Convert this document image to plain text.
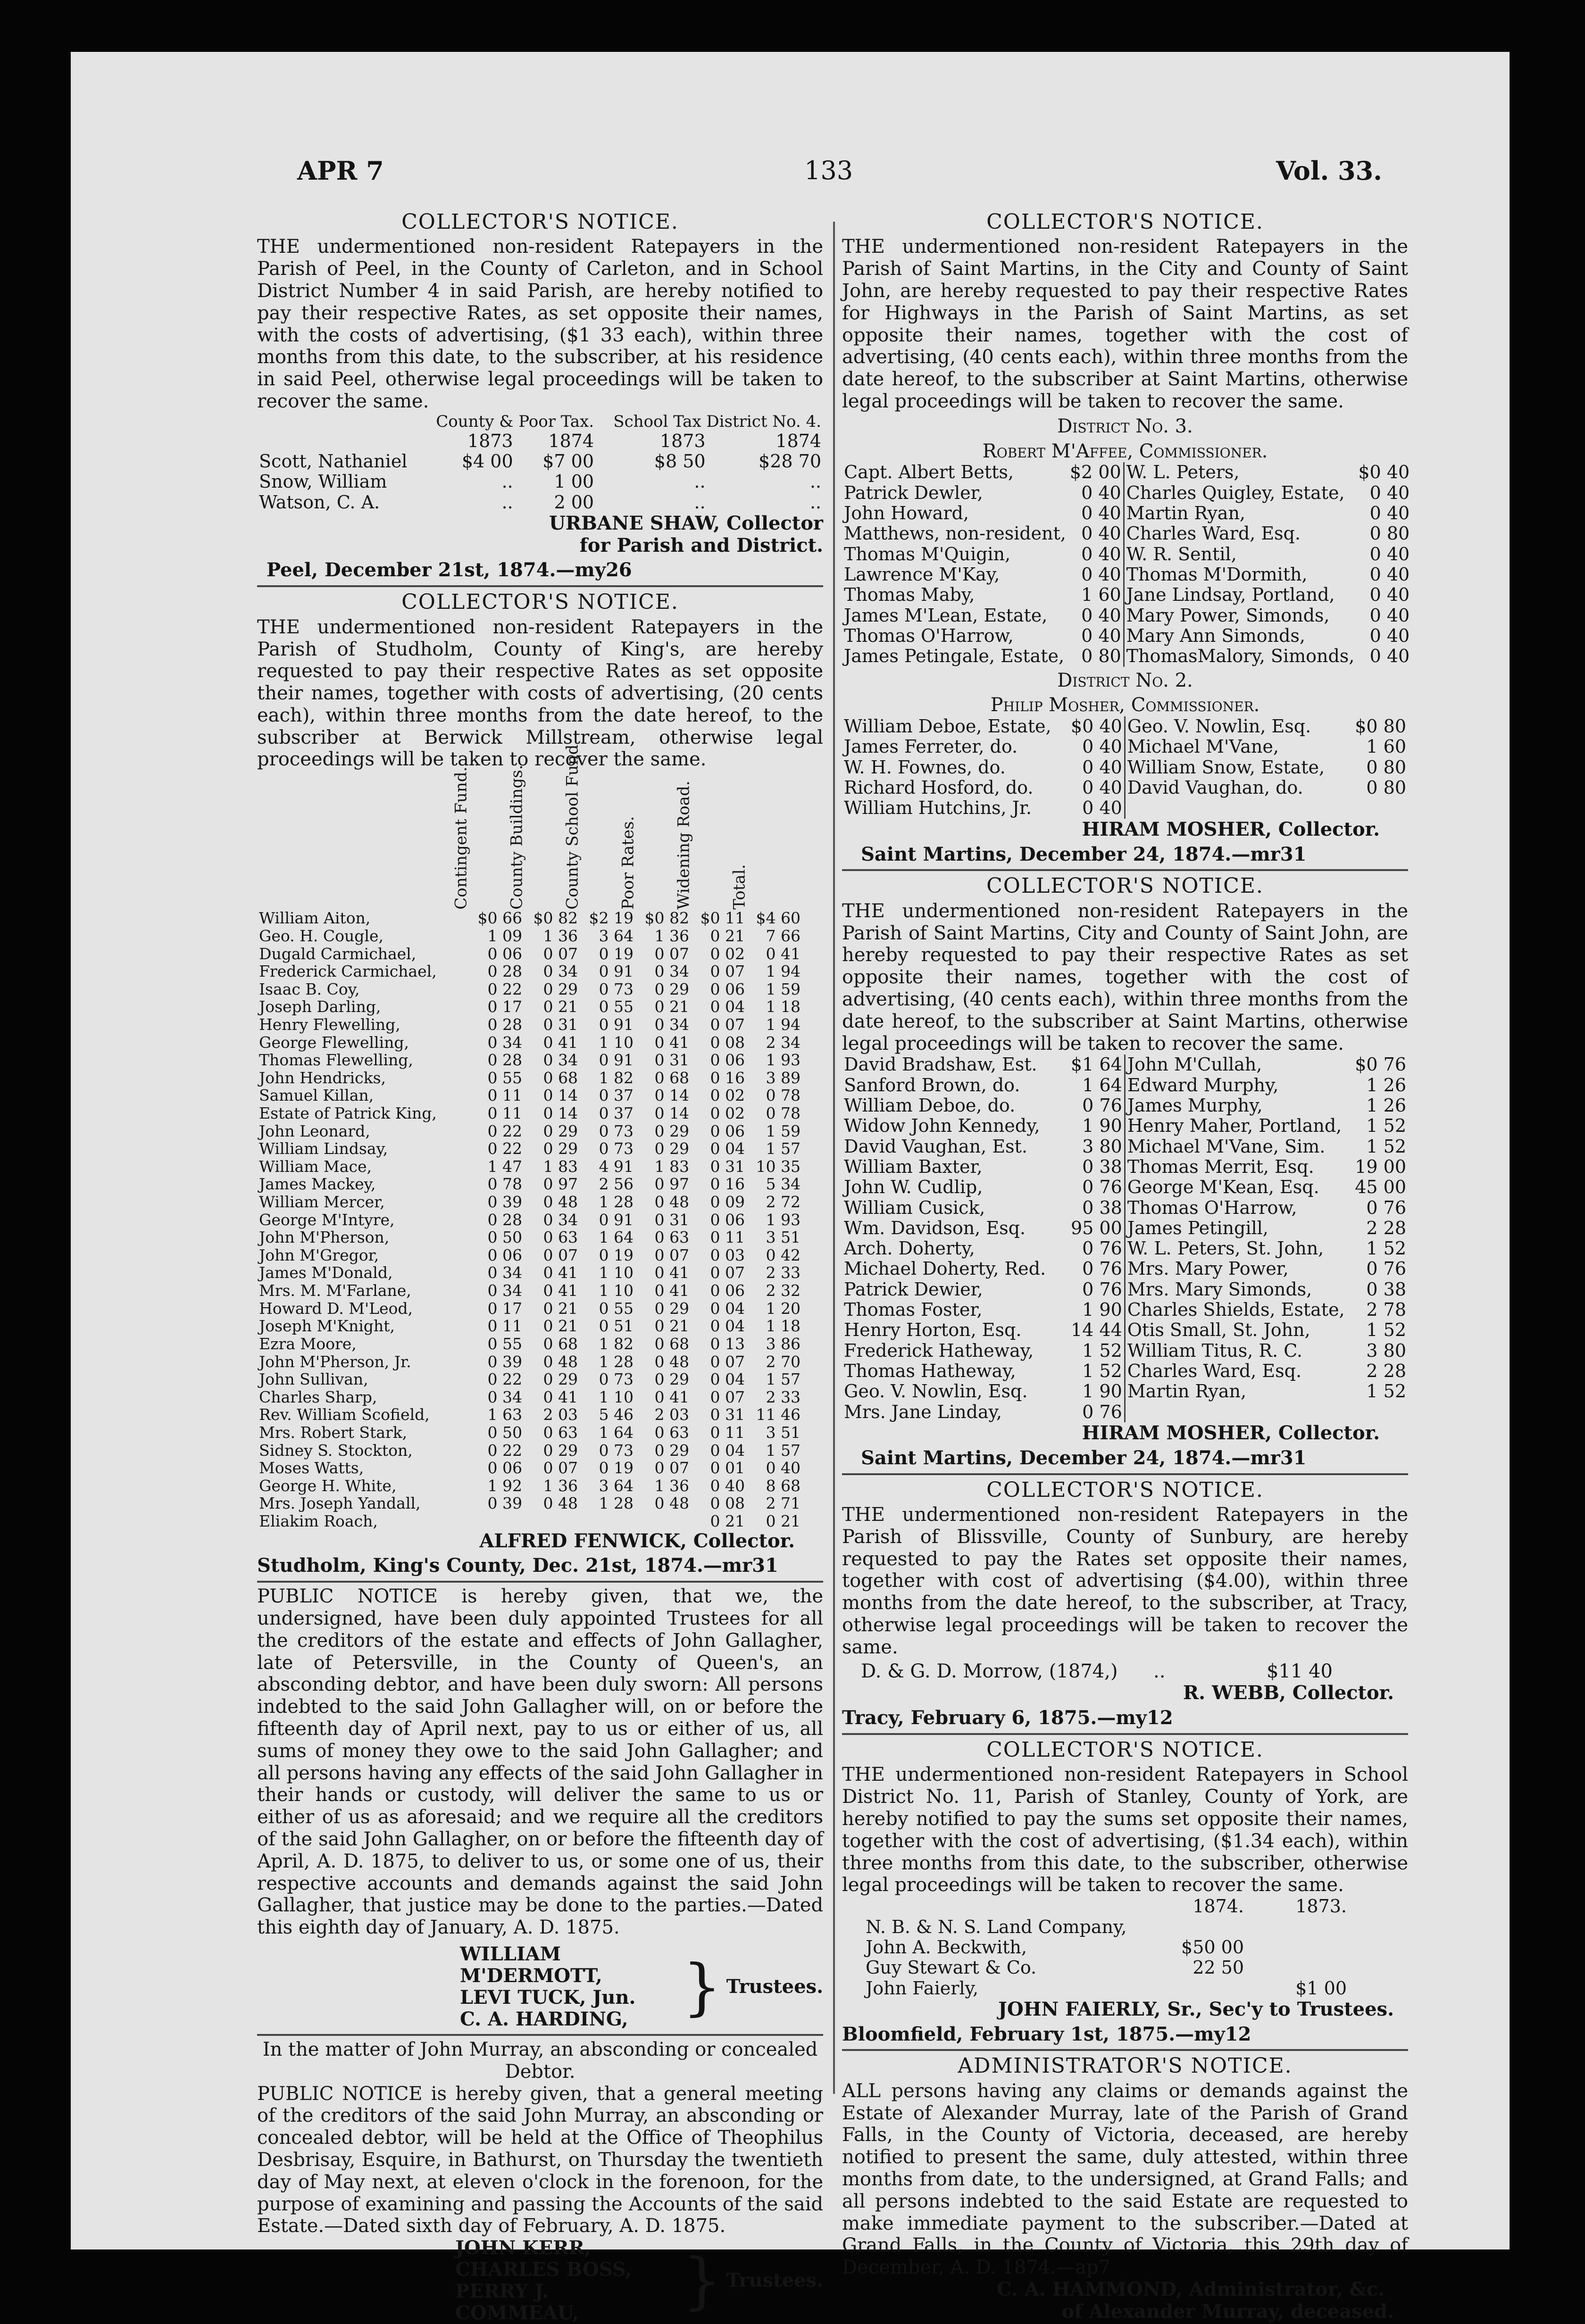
APR 7	133	Vol. 33.
COLLECTOR'S NOTICE.

THE undermentioned non-resident Ratepayers in the Parish of Peel, in the County of Carleton, and in School District Number 4 in said Parish, are hereby notified to pay their respective Rates, as set opposite their names, with the costs of advertising, ($1 33 each), within three months from this date, to the subscriber, at his residence in said Peel, otherwise legal proceedings will be taken to recover the same.

	County & Poor Tax.			School Tax District No. 4.	
	1873	1874		1873	1874
Scott, Nathaniel	$4 00	$7 00		$8 50	$28 70
Snow, William	..	1 00		..	..
Watson, C. A.	..	2 00		..	..
URBANE SHAW, Collector
for Parish and District.
Peel, December 21st, 1874.—my26
COLLECTOR'S NOTICE.

THE undermentioned non-resident Ratepayers in the Parish of Studholm, County of King's, are hereby requested to pay their respective Rates as set opposite their names, together with costs of advertising, (20 cents each), within three months from the date hereof, to the subscriber at Berwick Millstream, otherwise legal proceedings will be taken to recover the same.

	Contingent Fund.	County Buildings.	County School Fund	Poor Rates.	Widening Road.	Total.

William Aiton,	$0 66	$0 82	$2 19	$0 82	$0 11	$4 60
Geo. H. Cougle,	1 09	1 36	3 64	1 36	0 21	7 66
Dugald Carmichael,	0 06	0 07	0 19	0 07	0 02	0 41
Frederick Carmichael,	0 28	0 34	0 91	0 34	0 07	1 94
Isaac B. Coy,	0 22	0 29	0 73	0 29	0 06	1 59
Joseph Darling,	0 17	0 21	0 55	0 21	0 04	1 18
Henry Flewelling,	0 28	0 31	0 91	0 34	0 07	1 94
George Flewelling,	0 34	0 41	1 10	0 41	0 08	2 34
Thomas Flewelling,	0 28	0 34	0 91	0 31	0 06	1 93
John Hendricks,	0 55	0 68	1 82	0 68	0 16	3 89
Samuel Killan,	0 11	0 14	0 37	0 14	0 02	0 78
Estate of Patrick King,	0 11	0 14	0 37	0 14	0 02	0 78
John Leonard,	0 22	0 29	0 73	0 29	0 06	1 59
William Lindsay,	0 22	0 29	0 73	0 29	0 04	1 57
William Mace,	1 47	1 83	4 91	1 83	0 31	10 35
James Mackey,	0 78	0 97	2 56	0 97	0 16	5 34
William Mercer,	0 39	0 48	1 28	0 48	0 09	2 72
George M'Intyre,	0 28	0 34	0 91	0 31	0 06	1 93
John M'Pherson,	0 50	0 63	1 64	0 63	0 11	3 51
John M'Gregor,	0 06	0 07	0 19	0 07	0 03	0 42
James M'Donald,	0 34	0 41	1 10	0 41	0 07	2 33
Mrs. M. M'Farlane,	0 34	0 41	1 10	0 41	0 06	2 32
Howard D. M'Leod,	0 17	0 21	0 55	0 29	0 04	1 20
Joseph M'Knight,	0 11	0 21	0 51	0 21	0 04	1 18
Ezra Moore,	0 55	0 68	1 82	0 68	0 13	3 86
John M'Pherson, Jr.	0 39	0 48	1 28	0 48	0 07	2 70
John Sullivan,	0 22	0 29	0 73	0 29	0 04	1 57
Charles Sharp,	0 34	0 41	1 10	0 41	0 07	2 33
Rev. William Scofield,	1 63	2 03	5 46	2 03	0 31	11 46
Mrs. Robert Stark,	0 50	0 63	1 64	0 63	0 11	3 51
Sidney S. Stockton,	0 22	0 29	0 73	0 29	0 04	1 57
Moses Watts,	0 06	0 07	0 19	0 07	0 01	0 40
George H. White,	1 92	1 36	3 64	1 36	0 40	8 68
Mrs. Joseph Yandall,	0 39	0 48	1 28	0 48	0 08	2 71
Eliakim Roach,					0 21	0 21
ALFRED FENWICK, Collector.
Studholm, King's County, Dec. 21st, 1874.—mr31

PUBLIC NOTICE is hereby given, that we, the undersigned, have been duly appointed Trustees for all the creditors of the estate and effects of John Gallagher, late of Petersville, in the County of Queen's, an absconding debtor, and have been duly sworn: All persons indebted to the said John Gallagher will, on or before the fifteenth day of April next, pay to us or either of us, all sums of money they owe to the said John Gallagher; and all persons having any effects of the said John Gallagher in their hands or custody, will deliver the same to us or either of us as aforesaid; and we require all the creditors of the said John Gallagher, on or before the fifteenth day of April, A. D. 1875, to deliver to us, or some one of us, their respective accounts and demands against the said John Gallagher, that justice may be done to the parties.—Dated this eighth day of January, A. D. 1875.

WILLIAM M'DERMOTT,
LEVI TUCK, Jun.
C. A. HARDING, } Trustees.
In the matter of John Murray, an absconding or concealed Debtor.

PUBLIC NOTICE is hereby given, that a general meeting of the creditors of the said John Murray, an absconding or concealed debtor, will be held at the Office of Theophilus Desbrisay, Esquire, in Bathurst, on Thursday the twentieth day of May next, at eleven o'clock in the forenoon, for the purpose of examining and passing the Accounts of the said Estate.—Dated sixth day of February, A. D. 1875.

JOHN KERR,
CHARLES BOSS,
PERRY J. COMMEAU,	} Trustees.
COLLECTOR'S NOTICE.

THE undermentioned non-resident Ratepayers in the Parish of Saint Martins, in the City and County of Saint John, are hereby requested to pay their respective Rates for Highways in the Parish of Saint Martins, as set opposite their names, together with the cost of advertising, (40 cents each), within three months from the date hereof, to the subscriber at Saint Martins, otherwise legal proceedings will be taken to recover the same.

District No. 3.
Robert M'Affee, Commissioner.
Capt. Albert Betts,	$2 00
Patrick Dewler,	0 40
John Howard,	0 40
Matthews, non-resident,	0 40
Thomas M'Quigin,	0 40
Lawrence M'Kay,	0 40
Thomas Maby,	1 60
James M'Lean, Estate,	0 40
Thomas O'Harrow,	0 40
James Petingale, Estate,	0 80
W. L. Peters,	$0 40
Charles Quigley, Estate,	0 40
Martin Ryan,	0 40
Charles Ward, Esq.	0 80
W. R. Sentil,	0 40
Thomas M'Dormith,	0 40
Jane Lindsay, Portland,	0 40
Mary Power, Simonds,	0 40
Mary Ann Simonds,	0 40
ThomasMalory, Simonds,	0 40
District No. 2.
Philip Mosher, Commissioner.
William Deboe, Estate,	$0 40
James Ferreter, do.	0 40
W. H. Fownes, do.	0 40
Richard Hosford, do.	0 40
William Hutchins, Jr.	0 40
Geo. V. Nowlin, Esq.	$0 80
Michael M'Vane,	1 60
William Snow, Estate,	0 80
David Vaughan, do.	0 80
HIRAM MOSHER, Collector.
Saint Martins, December 24, 1874.—mr31
COLLECTOR'S NOTICE.

THE undermentioned non-resident Ratepayers in the Parish of Saint Martins, City and County of Saint John, are hereby requested to pay their respective Rates as set opposite their names, together with the cost of advertising, (40 cents each), within three months from the date hereof, to the subscriber at Saint Martins, otherwise legal proceedings will be taken to recover the same.

David Bradshaw, Est.	$1 64
Sanford Brown, do.	1 64
William Deboe, do.	0 76
Widow John Kennedy,	1 90
David Vaughan, Est.	3 80
William Baxter,	0 38
John W. Cudlip,	0 76
William Cusick,	0 38
Wm. Davidson, Esq.	95 00
Arch. Doherty,	0 76
Michael Doherty, Red.	0 76
Patrick Dewier,	0 76
Thomas Foster,	1 90
Henry Horton, Esq.	14 44
Frederick Hatheway,	1 52
Thomas Hatheway,	1 52
Geo. V. Nowlin, Esq.	1 90
Mrs. Jane Linday,	0 76
John M'Cullah,	$0 76
Edward Murphy,	1 26
James Murphy,	1 26
Henry Maher, Portland,	1 52
Michael M'Vane, Sim.	1 52
Thomas Merrit, Esq.	19 00
George M'Kean, Esq.	45 00
Thomas O'Harrow,	0 76
James Petingill,	2 28
W. L. Peters, St. John,	1 52
Mrs. Mary Power,	0 76
Mrs. Mary Simonds,	0 38
Charles Shields, Estate,	2 78
Otis Small, St. John,	1 52
William Titus, R. C.	3 80
Charles Ward, Esq.	2 28
Martin Ryan,	1 52
HIRAM MOSHER, Collector.
Saint Martins, December 24, 1874.—mr31
COLLECTOR'S NOTICE.

THE undermentioned non-resident Ratepayers in the Parish of Blissville, County of Sunbury, are hereby requested to pay the Rates set opposite their names, together with cost of advertising ($4.00), within three months from the date hereof, to the subscriber, at Tracy, otherwise legal proceedings will be taken to recover the same.

D. & G. D. Morrow, (1874,)	..	$11 40
R. WEBB, Collector.
Tracy, February 6, 1875.—my12
COLLECTOR'S NOTICE.

THE undermentioned non-resident Ratepayers in School District No. 11, Parish of Stanley, County of York, are hereby notified to pay the sums set opposite their names, together with the cost of advertising, ($1.34 each), within three months from this date, to the subscriber, otherwise legal proceedings will be taken to recover the same.

	1874.	1873.
N. B. & N. S. Land Company,		
John A. Beckwith,	$50 00	
Guy Stewart & Co.	22 50	
John Faierly,		$1 00
JOHN FAIERLY, Sr., Sec'y to Trustees.
Bloomfield, February 1st, 1875.—my12
ADMINISTRATOR'S NOTICE.

ALL persons having any claims or demands against the Estate of Alexander Murray, late of the Parish of Grand Falls, in the County of Victoria, deceased, are hereby notified to present the same, duly attested, within three months from date, to the undersigned, at Grand Falls; and all persons indebted to the said Estate are requested to make immediate payment to the subscriber.—Dated at Grand Falls, in the County of Victoria, this 29th day of December, A. D. 1874.—ap7

C. A. HAMMOND, Administrator, &c.
of Alexander Murray, deceased.
